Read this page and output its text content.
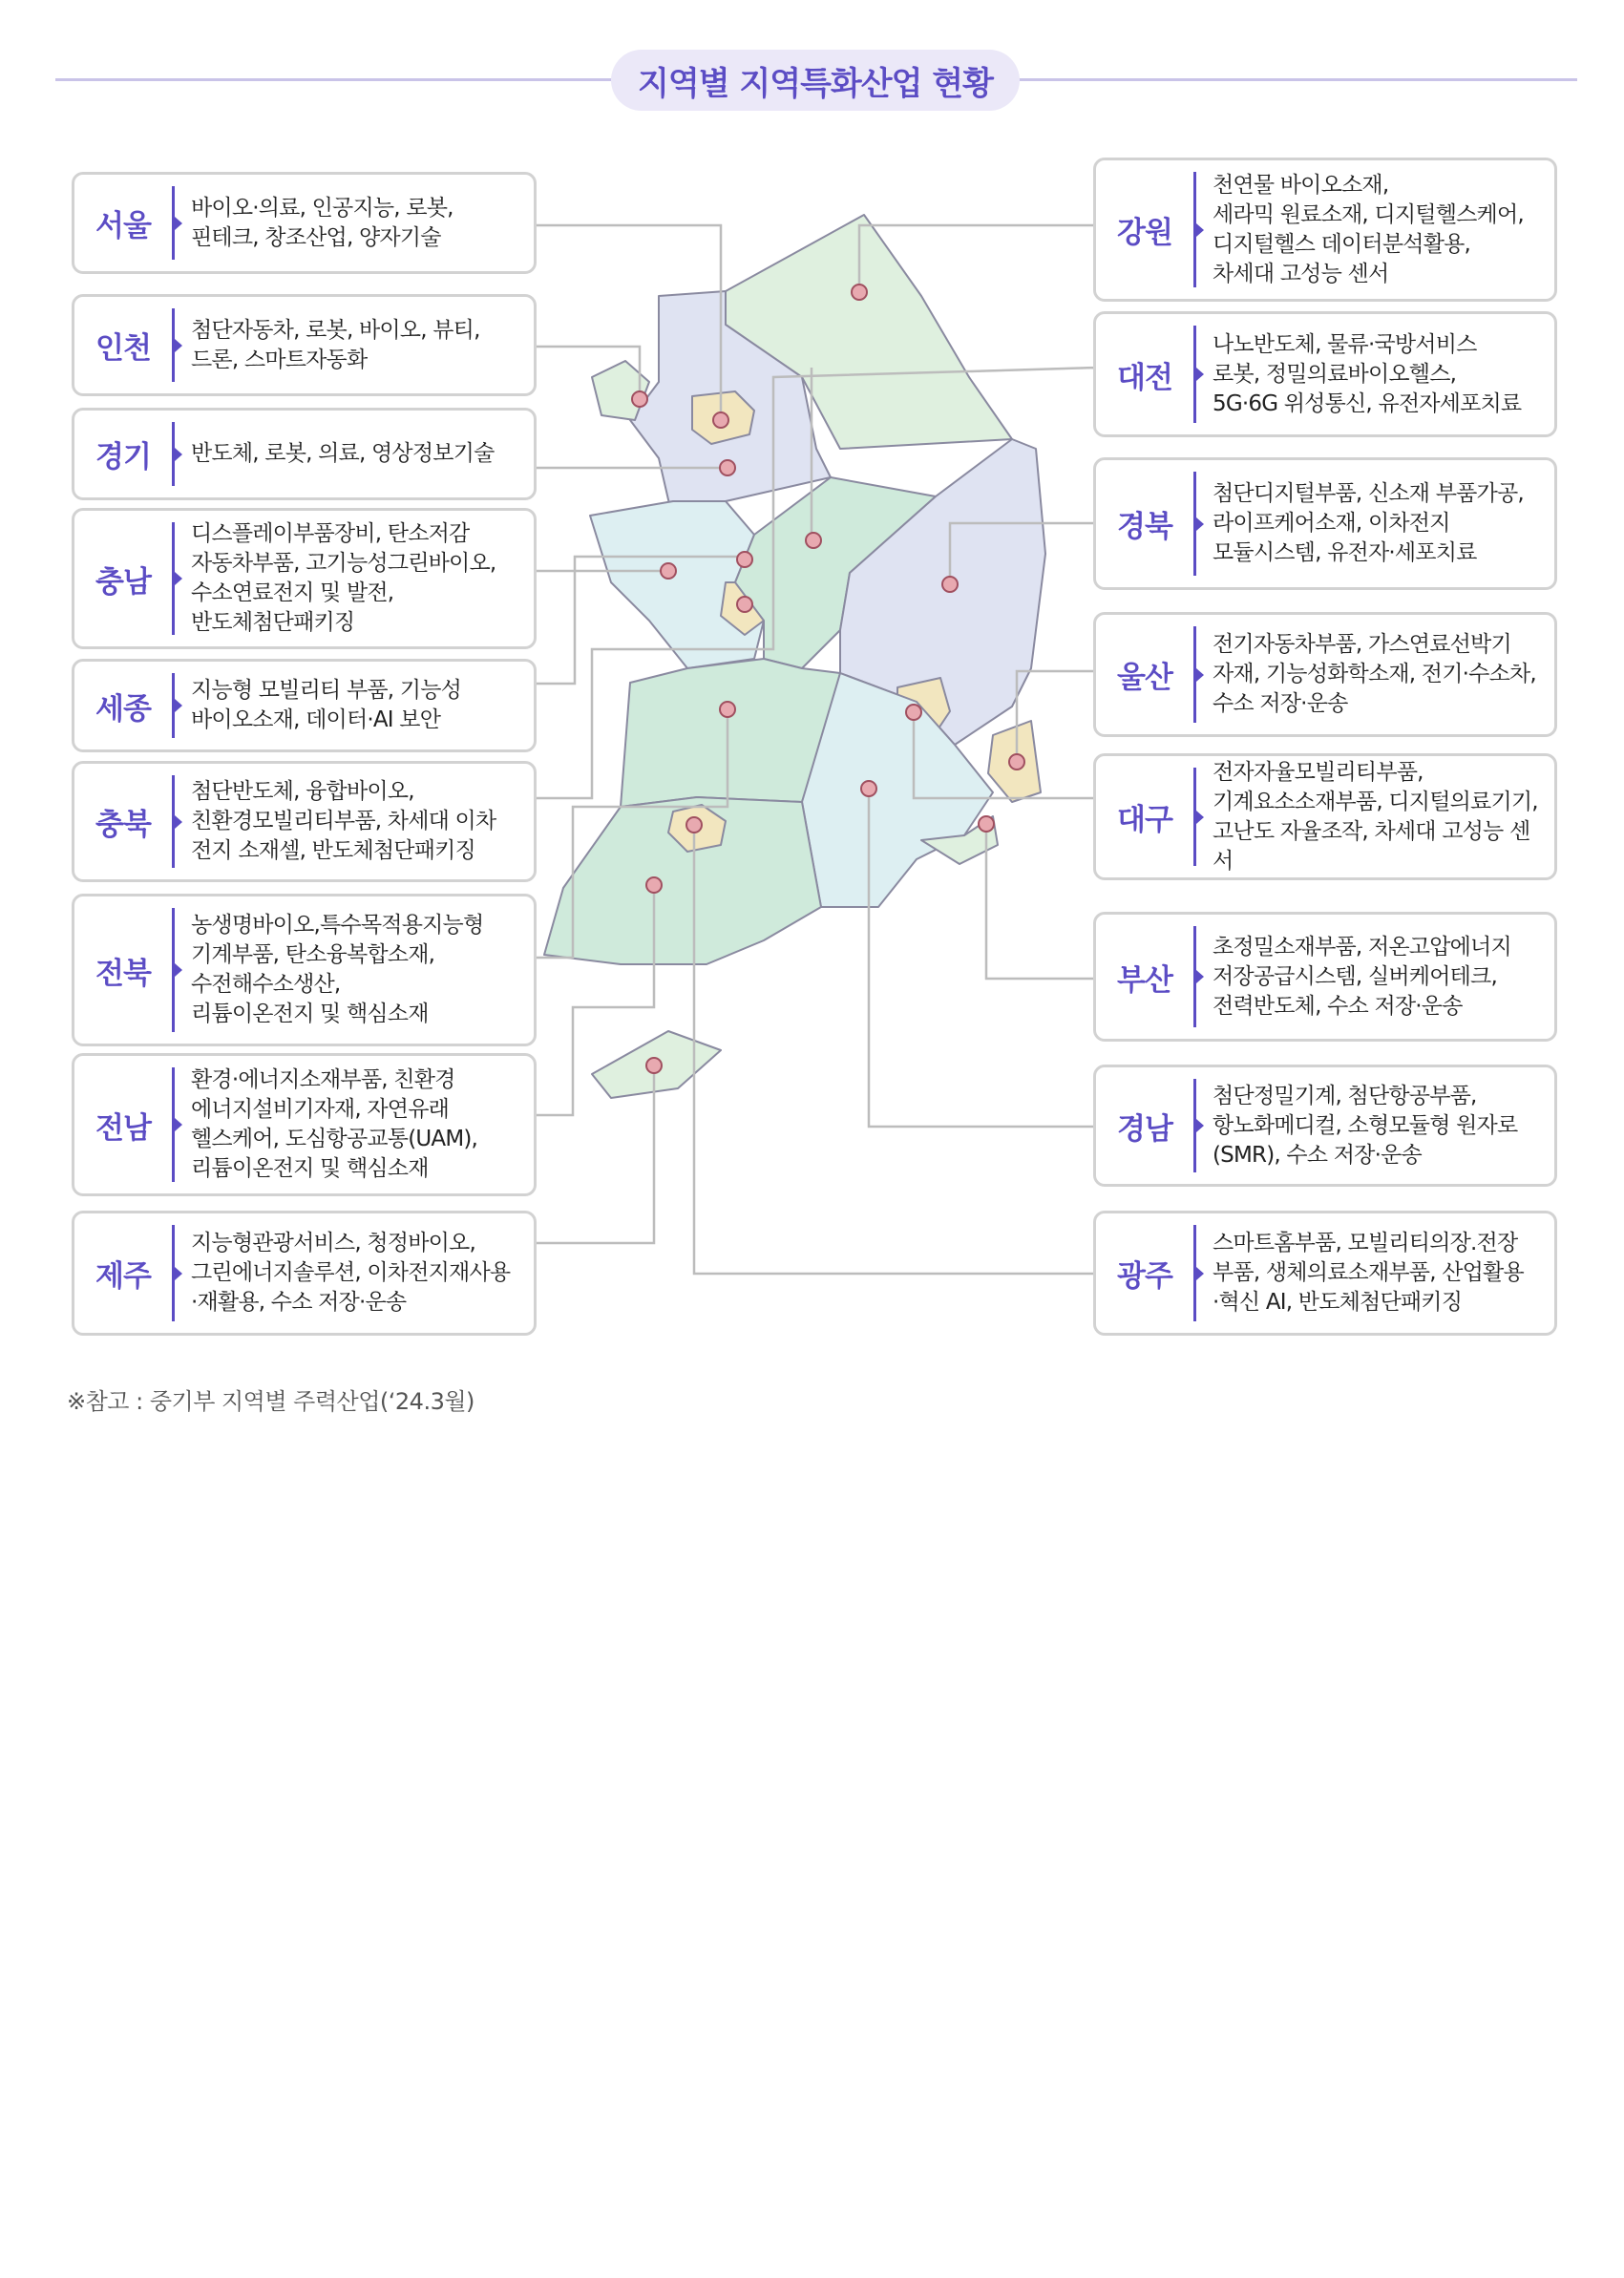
지역별 지역특화산업 현황
서울
바이오·의료, 인공지능, 로봇,
핀테크, 창조산업, 양자기술
인천
첨단자동차, 로봇, 바이오, 뷰티,
드론, 스마트자동화
경기	반도체, 로봇, 의료, 영상정보기술
충남
디스플레이부품장비, 탄소저감
자동차부품, 고기능성그린바이오,
수소연료전지 및 발전,
반도체첨단패키징
세종
지능형 모빌리티 부품, 기능성
바이오소재, 데이터·AI 보안
충북
첨단반도체, 융합바이오,
친환경모빌리티부품, 차세대 이차
전지 소재셀, 반도체첨단패키징
전북
농생명바이오,특수목적용지능형
기계부품, 탄소융복합소재,
수전해수소생산,
리튬이온전지 및 핵심소재
전남
환경·에너지소재부품, 친환경
에너지설비기자재, 자연유래
헬스케어, 도심항공교통(UAM),
리튬이온전지 및 핵심소재
제주
지능형관광서비스, 청정바이오,
그린에너지솔루션, 이차전지재사용
·재활용, 수소 저장·운송
강원
천연물 바이오소재,
세라믹 원료소재, 디지털헬스케어,
디지털헬스 데이터분석활용,
차세대 고성능 센서
대전
나노반도체, 물류·국방서비스
로봇, 정밀의료바이오헬스,
5G·6G 위성통신, 유전자세포치료
경북
첨단디지털부품, 신소재 부품가공,
라이프케어소재, 이차전지
모듈시스템, 유전자·세포치료
울산
전기자동차부품, 가스연료선박기
자재, 기능성화학소재, 전기·수소차,
수소 저장·운송
대구
전자자율모빌리티부품,
기계요소소재부품, 디지털의료기기,
고난도 자율조작, 차세대 고성능 센서
부산
초정밀소재부품, 저온고압에너지
저장공급시스템, 실버케어테크,
전력반도체, 수소 저장·운송
경남
첨단정밀기계, 첨단항공부품,
항노화메디컬, 소형모듈형 원자로
(SMR), 수소 저장·운송
광주
스마트홈부품, 모빌리티의장.전장
부품, 생체의료소재부품, 산업활용
·혁신 AI, 반도체첨단패키징
※참고 : 중기부 지역별 주력산업(‘24.3월)
